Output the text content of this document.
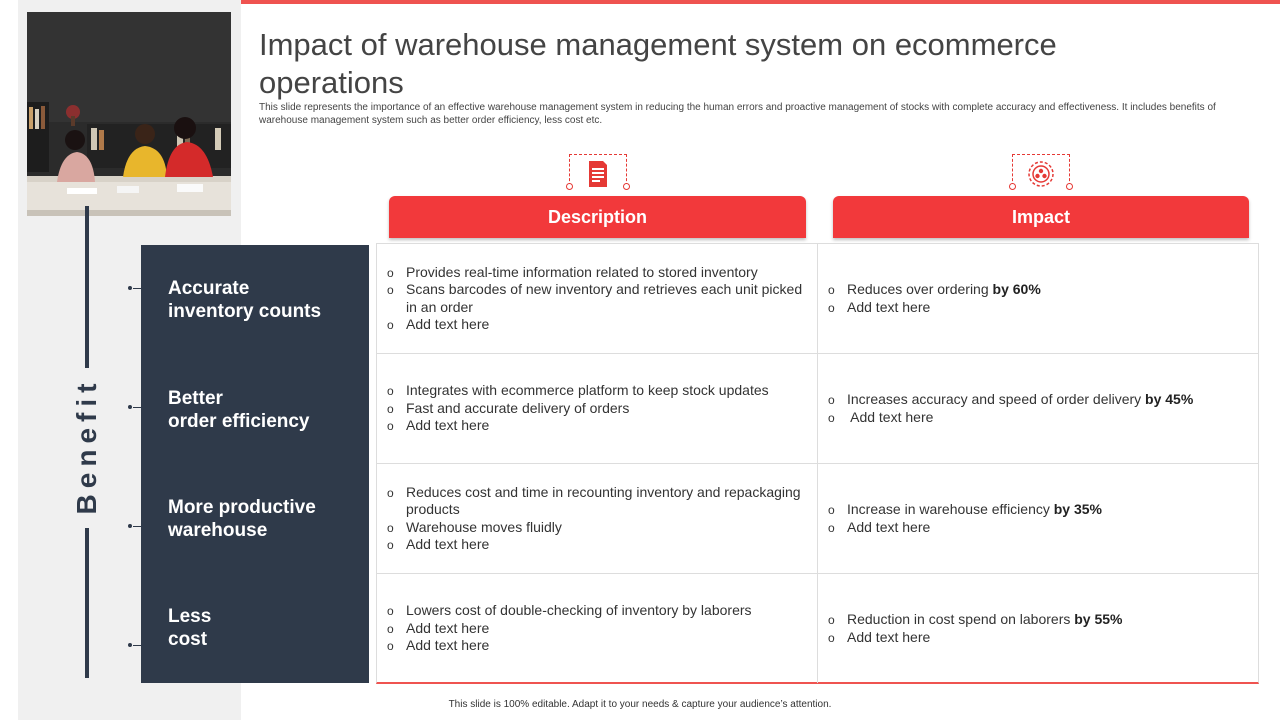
Impact of warehouse management system on ecommerce operations

This slide represents the importance of an effective warehouse management system in reducing the human errors and proactive management of stocks with complete accuracy and effectiveness. It includes benefits of warehouse management system such as better order efficiency, less cost etc.

Benefit
Accurate
inventory counts
Better
order efficiency
More productive
warehouse
Less
cost
Description	Impact
o Provides real-time information related to stored inventory
o Scans barcodes of new inventory and retrieves each unit picked in an order
o Add text here
o Reduces over ordering by 60%
o Add text here
o Integrates with ecommerce platform to keep stock updates
o Fast and accurate delivery of orders
o Add text here
o Increases accuracy and speed of order delivery by 45%
o  Add text here
o Reduces cost and time in recounting inventory and repackaging products
o Warehouse moves fluidly
o Add text here
o Increase in warehouse efficiency by 35%
o Add text here
o Lowers cost of double-checking of inventory by laborers
o Add text here
o Add text here
o Reduction in cost spend on laborers by 55%
o Add text here
This slide is 100% editable. Adapt it to your needs & capture your audience’s attention.
